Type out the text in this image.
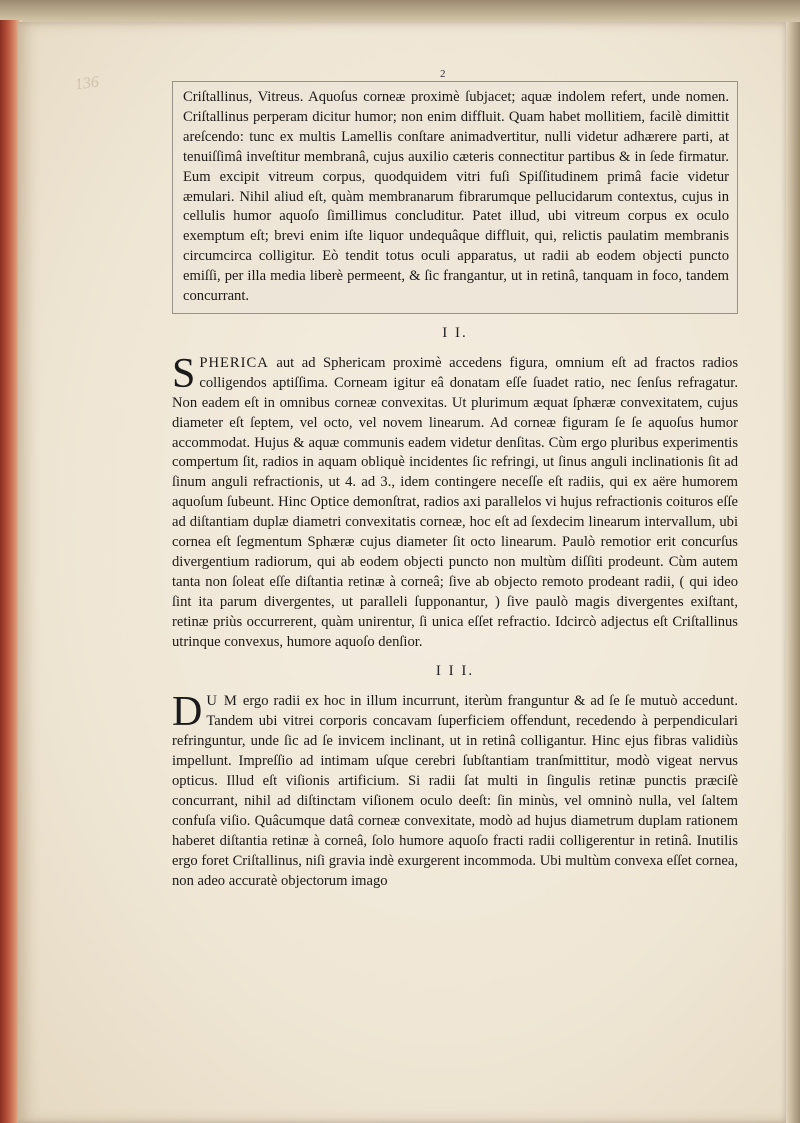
136	2

Criſtallinus, Vitreus. Aquoſus corneæ proximè ſubjacet; aquæ indolem refert, unde nomen. Criſtallinus perperam dicitur humor; non enim diffluit. Quam habet mollitiem, facilè dimittit areſcendo: tunc ex multis Lamellis conſtare animadvertitur, nulli videtur adhærere parti, at tenuiſſimâ inveſtitur membranâ, cujus auxilio cæteris connectitur partibus & in ſede firmatur. Eum excipit vitreum corpus, quodquidem vitri fuſi Spiſſitudinem primâ facie videtur æmulari. Nihil aliud eſt, quàm membranarum fibrarumque pellucidarum contextus, cujus in cellulis humor aquoſo ſimillimus concluditur. Patet illud, ubi vitreum corpus ex oculo exemptum eſt; brevi enim iſte liquor undequâque diffluit, qui, relictis paulatim membranis circumcirca colligitur. Eò tendit totus oculi apparatus, ut radii ab eodem objecti puncto emiſſi, per illa media liberè permeent, & ſic frangantur, ut in retinâ, tanquam in foco, tandem concurrant.

I I.

SPHERICA aut ad Sphericam proximè accedens figura, omnium eſt ad fractos radios colligendos aptiſſima. Corneam igitur eâ donatam eſſe ſuadet ratio, nec ſenſus refragatur. Non eadem eſt in omnibus corneæ convexitas. Ut plurimum æquat ſphæræ convexitatem, cujus diameter eſt ſeptem, vel octo, vel novem linearum. Ad corneæ figuram ſe ſe aquoſus humor accommodat. Hujus & aquæ communis eadem videtur denſitas. Cùm ergo pluribus experimentis compertum ſit, radios in aquam obliquè incidentes ſic refringi, ut ſinus anguli inclinationis ſit ad ſinum anguli refractionis, ut 4. ad 3., idem contingere neceſſe eſt radiis, qui ex aëre humorem aquoſum ſubeunt. Hinc Optice demonſtrat, radios axi parallelos vi hujus refractionis coituros eſſe ad diſtantiam duplæ diametri convexitatis corneæ, hoc eſt ad ſexdecim linearum intervallum, ubi cornea eſt ſegmentum Sphæræ cujus diameter ſit octo linearum. Paulò remotior erit concurſus divergentium radiorum, qui ab eodem objecti puncto non multùm diſſiti prodeunt. Cùm autem tanta non ſoleat eſſe diſtantia retinæ à corneâ; ſive ab objecto remoto prodeant radii, ( qui ideo ſint ita parum divergentes, ut paralleli ſupponantur, ) ſive paulò magis divergentes exiſtant, retinæ priùs occurrerent, quàm unirentur, ſi unica eſſet refractio. Idcircò adjectus eſt Criſtallinus utrinque convexus, humore aquoſo denſior.

I I I.

D U M ergo radii ex hoc in illum incurrunt, iterùm franguntur & ad ſe ſe mutuò accedunt. Tandem ubi vitrei corporis concavam ſuperficiem offendunt, recedendo à perpendiculari refringuntur, unde ſic ad ſe invicem inclinant, ut in retinâ colligantur. Hinc ejus fibras validiùs impellunt. Impreſſio ad intimam uſque cerebri ſubſtantiam tranſmittitur, modò vigeat nervus opticus. Illud eſt viſionis artificium. Si radii ſat multi in ſingulis retinæ punctis præciſè concurrant, nihil ad diſtinctam viſionem oculo deeſt: ſin minùs, vel omninò nulla, vel ſaltem confuſa viſio. Quâcumque datâ corneæ convexitate, modò ad hujus diametrum duplam rationem haberet diſtantia retinæ à corneâ, ſolo humore aquoſo fracti radii colligerentur in retinâ. Inutilis ergo foret Criſtallinus, niſi gravia indè exurgerent incommoda. Ubi multùm convexa eſſet cornea, non adeo accuratè objectorum imago
